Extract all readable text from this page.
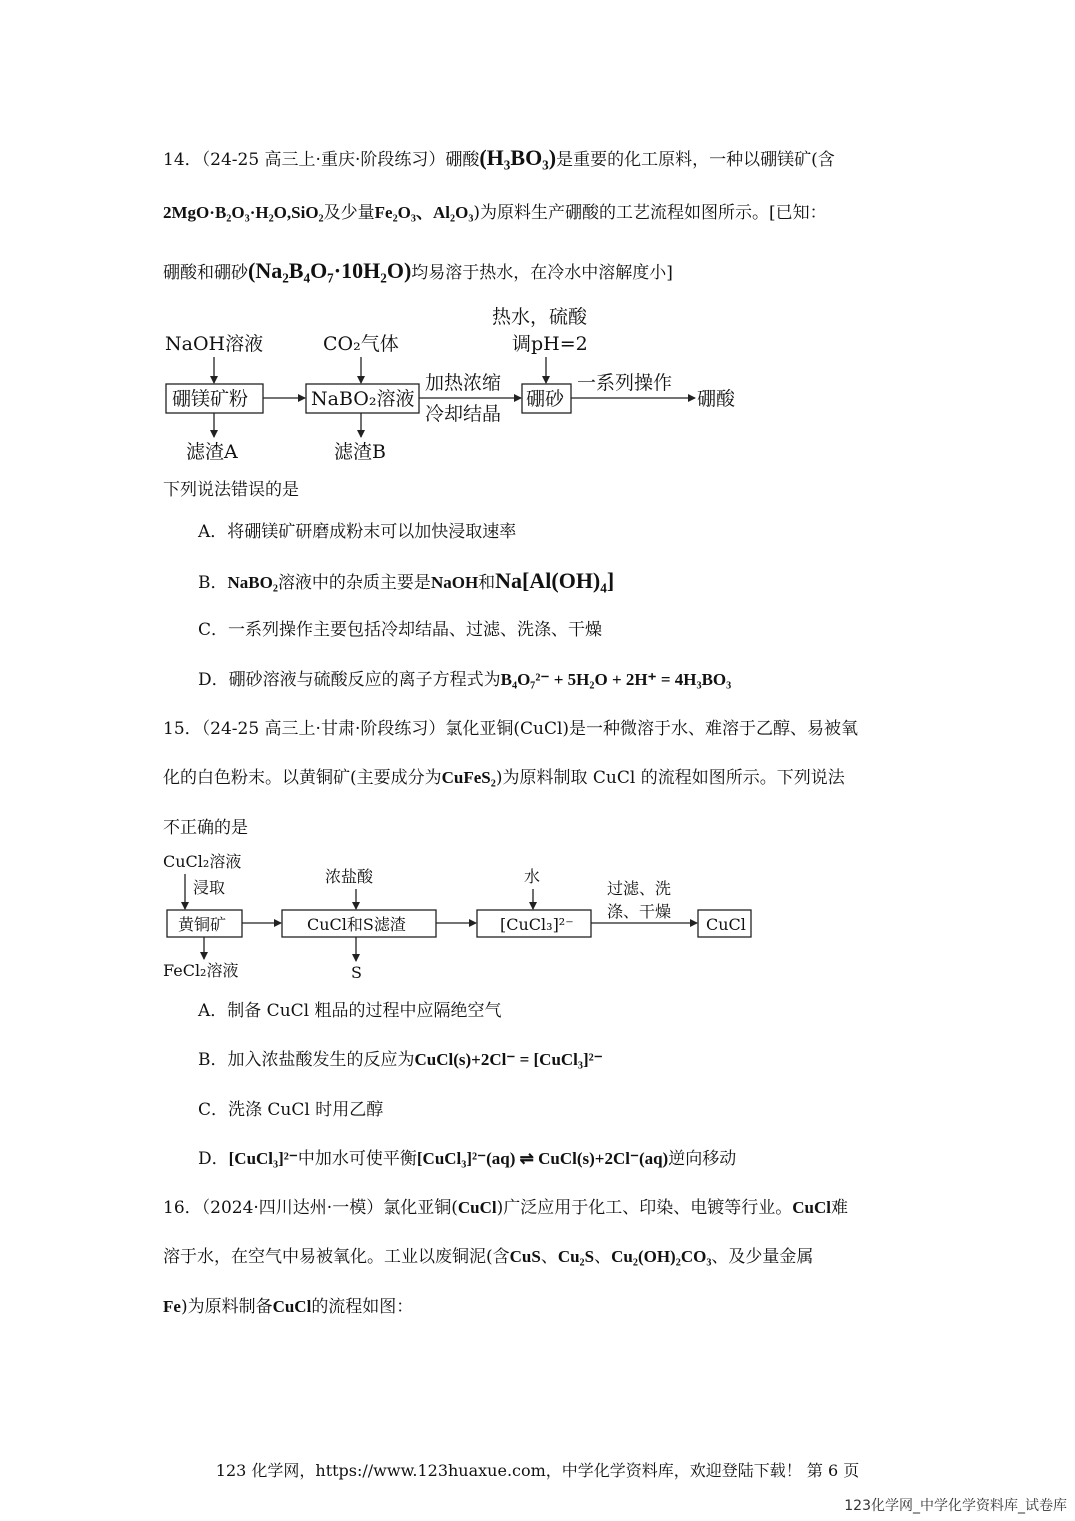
14．（24-25 高三上·重庆·阶段练习）硼酸(H₃BO₃)是重要的化工原料，一种以硼镁矿(含
2MgO·B₂O₃·H₂O,SiO₂及少量Fe₂O₃、Al₂O₃)为原料生产硼酸的工艺流程如图所示。[已知：
硼酸和硼砂(Na₂B₄O₇·10H₂O)均易溶于热水，在冷水中溶解度小]
NaOH溶液	CO₂气体
热水，硫酸
调pH=2
硼镁矿粉	NaBO₂溶液
加热浓缩
冷却结晶
硼砂
一系列操作
硼酸
滤渣A	滤渣B
下列说法错误的是
A．将硼镁矿研磨成粉末可以加快浸取速率
B．NaBO₂溶液中的杂质主要是NaOH和Na[Al(OH)₄]
C．一系列操作主要包括冷却结晶、过滤、洗涤、干燥
D．硼砂溶液与硫酸反应的离子方程式为B₄O₇²⁻ + 5H₂O + 2H⁺ = 4H₃BO₃
15．（24-25 高三上·甘肃·阶段练习）氯化亚铜(CuCl)是一种微溶于水、难溶于乙醇、易被氧
化的白色粉末。以黄铜矿(主要成分为CuFeS₂)为原料制取 CuCl 的流程如图所示。下列说法
不正确的是
CuCl₂溶液
浸取
黄铜矿
FeCl₂溶液
浓盐酸
CuCl和S滤渣
S
水
[CuCl₃]²⁻
过滤、洗
涤、干燥
CuCl
A．制备 CuCl 粗品的过程中应隔绝空气
B．加入浓盐酸发生的反应为CuCl(s)+2Cl⁻ = [CuCl₃]²⁻
C．洗涤 CuCl 时用乙醇
D．[CuCl₃]²⁻中加水可使平衡[CuCl₃]²⁻(aq) ⇌ CuCl(s)+2Cl⁻(aq)逆向移动
16．（2024·四川达州·一模）氯化亚铜(CuCl)广泛应用于化工、印染、电镀等行业。CuCl难
溶于水，在空气中易被氧化。工业以废铜泥(含CuS、Cu₂S、Cu₂(OH)₂CO₃、及少量金属
Fe)为原料制备CuCl的流程如图：
123 化学网，https://www.123huaxue.com，中学化学资料库，欢迎登陆下载！ 第 6 页
123化学网_中学化学资料库_试卷库
